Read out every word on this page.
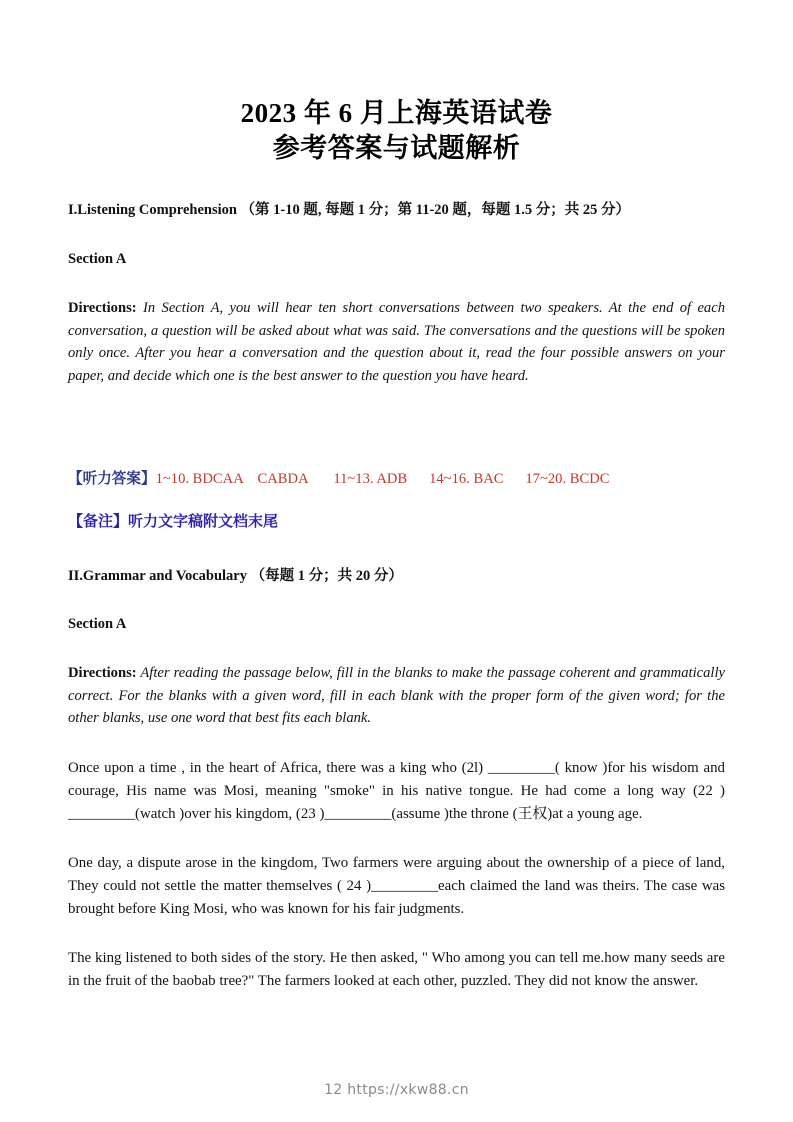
2023 年 6 月上海英语试卷
参考答案与试题解析

I.Listening Comprehension （第 1-10 题, 每题 1 分；第 11-20 题，每题 1.5 分；共 25 分）

Section A

Directions: In Section A, you will hear ten short conversations between two speakers. At the end of each conversation, a question will be asked about what was said. The conversations and the questions will be spoken only once. After you hear a conversation and the question about it, read the four possible answers on your paper, and decide which one is the best answer to the question you have heard.

【听力答案】1~10. BDCAA    CABDA       11~13. ADB      14~16. BAC      17~20. BCDC

【备注】听力文字稿附文档末尾

II.Grammar and Vocabulary （每题 1 分；共 20 分）

Section A

Directions: After reading the passage below, fill in the blanks to make the passage coherent and grammatically correct. For the blanks with a given word, fill in each blank with the proper form of the given word; for the other blanks, use one word that best fits each blank.

Once upon a time , in the heart of Africa, there was a king who (2l) _________( know )for his wisdom and courage, His name was Mosi, meaning "smoke" in his native tongue. He had come a long way (22 ) _________(watch )over his kingdom, (23 )_________(assume )the throne (王权)at a young age.

One day, a dispute arose in the kingdom, Two farmers were arguing about the ownership of a piece of land, They could not settle the matter themselves ( 24 )_________each claimed the land was theirs. The case was brought before King Mosi, who was known for his fair judgments.

The king listened to both sides of the story. He then asked, " Who among you can tell me.how many seeds are in the fruit of the baobab tree?" The farmers looked at each other, puzzled. They did not know the answer.

12 https://xkw88.cn
